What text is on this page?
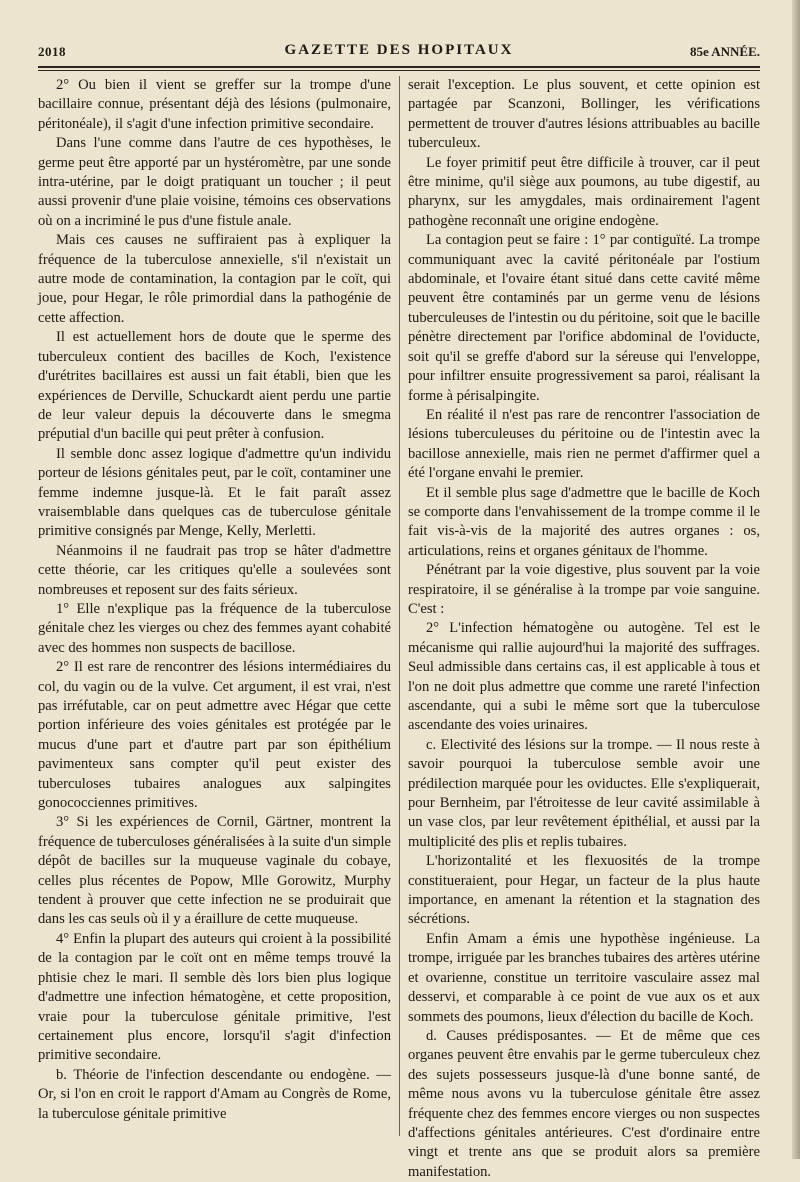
2018	GAZETTE DES HOPITAUX	85e ANNÉE.

2° Ou bien il vient se greffer sur la trompe d'une bacillaire connue, présentant déjà des lésions (pulmonaire, péritonéale), il s'agit d'une infection primitive secondaire.

Dans l'une comme dans l'autre de ces hypothèses, le germe peut être apporté par un hystéromètre, par une sonde intra-utérine, par le doigt pratiquant un toucher ; il peut aussi provenir d'une plaie voisine, témoins ces observations où on a incriminé le pus d'une fistule anale.

Mais ces causes ne suffiraient pas à expliquer la fréquence de la tuberculose annexielle, s'il n'existait un autre mode de contamination, la contagion par le coït, qui joue, pour Hegar, le rôle primordial dans la pathogénie de cette affection.

Il est actuellement hors de doute que le sperme des tuberculeux contient des bacilles de Koch, l'existence d'urétrites bacillaires est aussi un fait établi, bien que les expériences de Derville, Schuckardt aient perdu une partie de leur valeur depuis la découverte dans le smegma préputial d'un bacille qui peut prêter à confusion.

Il semble donc assez logique d'admettre qu'un individu porteur de lésions génitales peut, par le coït, contaminer une femme indemne jusque-là. Et le fait paraît assez vraisemblable dans quelques cas de tuberculose génitale primitive consignés par Menge, Kelly, Merletti.

Néanmoins il ne faudrait pas trop se hâter d'admettre cette théorie, car les critiques qu'elle a soulevées sont nombreuses et reposent sur des faits sérieux.

1° Elle n'explique pas la fréquence de la tuberculose génitale chez les vierges ou chez des femmes ayant cohabité avec des hommes non suspects de bacillose.

2° Il est rare de rencontrer des lésions intermédiaires du col, du vagin ou de la vulve. Cet argument, il est vrai, n'est pas irréfutable, car on peut admettre avec Hégar que cette portion inférieure des voies génitales est protégée par le mucus d'une part et d'autre part par son épithélium pavimenteux sans compter qu'il peut exister des tuberculoses tubaires analogues aux salpingites gonococciennes primitives.

3° Si les expériences de Cornil, Gärtner, montrent la fréquence de tuberculoses généralisées à la suite d'un simple dépôt de bacilles sur la muqueuse vaginale du cobaye, celles plus récentes de Popow, Mlle Gorowitz, Murphy tendent à prouver que cette infection ne se produirait que dans les cas seuls où il y a éraillure de cette muqueuse.

4° Enfin la plupart des auteurs qui croient à la possibilité de la contagion par le coït ont en même temps trouvé la phtisie chez le mari. Il semble dès lors bien plus logique d'admettre une infection hématogène, et cette proposition, vraie pour la tuberculose génitale primitive, l'est certainement plus encore, lorsqu'il s'agit d'infection primitive secondaire.

b. Théorie de l'infection descendante ou endogène. — Or, si l'on en croit le rapport d'Amam au Congrès de Rome, la tuberculose génitale primitive

serait l'exception. Le plus souvent, et cette opinion est partagée par Scanzoni, Bollinger, les vérifications permettent de trouver d'autres lésions attribuables au bacille tuberculeux.

Le foyer primitif peut être difficile à trouver, car il peut être minime, qu'il siège aux poumons, au tube digestif, au pharynx, sur les amygdales, mais ordinairement l'agent pathogène reconnaît une origine endogène.

La contagion peut se faire : 1° par contiguïté. La trompe communiquant avec la cavité péritonéale par l'ostium abdominale, et l'ovaire étant situé dans cette cavité même peuvent être contaminés par un germe venu de lésions tuberculeuses de l'intestin ou du péritoine, soit que le bacille pénètre directement par l'orifice abdominal de l'oviducte, soit qu'il se greffe d'abord sur la séreuse qui l'enveloppe, pour infiltrer ensuite progressivement sa paroi, réalisant la forme à périsalpingite.

En réalité il n'est pas rare de rencontrer l'association de lésions tuberculeuses du péritoine ou de l'intestin avec la bacillose annexielle, mais rien ne permet d'affirmer quel a été l'organe envahi le premier.

Et il semble plus sage d'admettre que le bacille de Koch se comporte dans l'envahissement de la trompe comme il le fait vis-à-vis de la majorité des autres organes : os, articulations, reins et organes génitaux de l'homme.

Pénétrant par la voie digestive, plus souvent par la voie respiratoire, il se généralise à la trompe par voie sanguine. C'est :

2° L'infection hématogène ou autogène. Tel est le mécanisme qui rallie aujourd'hui la majorité des suffrages. Seul admissible dans certains cas, il est applicable à tous et l'on ne doit plus admettre que comme une rareté l'infection ascendante, qui a subi le même sort que la tuberculose ascendante des voies urinaires.

c. Electivité des lésions sur la trompe. — Il nous reste à savoir pourquoi la tuberculose semble avoir une prédilection marquée pour les oviductes. Elle s'expliquerait, pour Bernheim, par l'étroitesse de leur cavité assimilable à un vase clos, par leur revêtement épithélial, et aussi par la multiplicité des plis et replis tubaires.

L'horizontalité et les flexuosités de la trompe constitueraient, pour Hegar, un facteur de la plus haute importance, en amenant la rétention et la stagnation des sécrétions.

Enfin Amam a émis une hypothèse ingénieuse. La trompe, irriguée par les branches tubaires des artères utérine et ovarienne, constitue un territoire vasculaire assez mal desservi, et comparable à ce point de vue aux os et aux sommets des poumons, lieux d'élection du bacille de Koch.

d. Causes prédisposantes. — Et de même que ces organes peuvent être envahis par le germe tuberculeux chez des sujets possesseurs jusque-là d'une bonne santé, de même nous avons vu la tuberculose génitale être assez fréquente chez des femmes encore vierges ou non suspectes d'affections génitales antérieures. C'est d'ordinaire entre vingt et trente ans que se produit alors sa première manifestation.
